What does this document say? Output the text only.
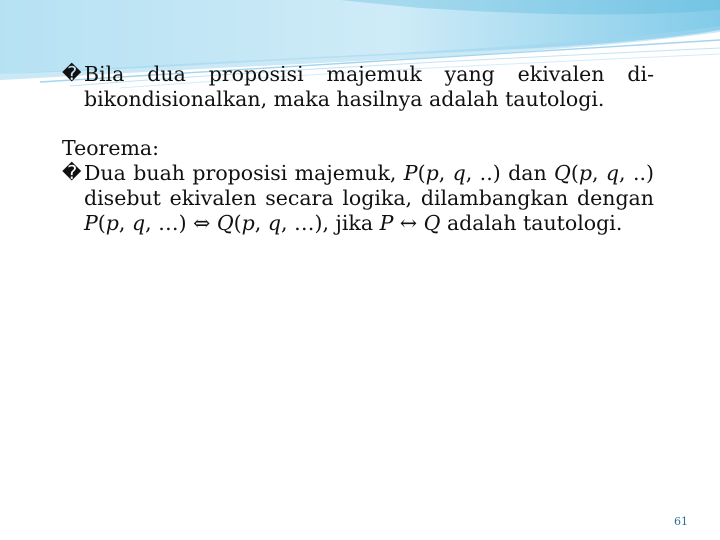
� Bila dua proposisi majemuk yang ekivalen di-bikondisionalkan, maka hasilnya adalah tautologi.
Teorema:
� Dua buah proposisi majemuk, P(p, q, ..) dan Q(p, q, ..) disebut ekivalen secara logika, dilambangkan dengan P(p, q, …) ⇔ Q(p, q, …), jika P ↔ Q adalah tautologi.
61
